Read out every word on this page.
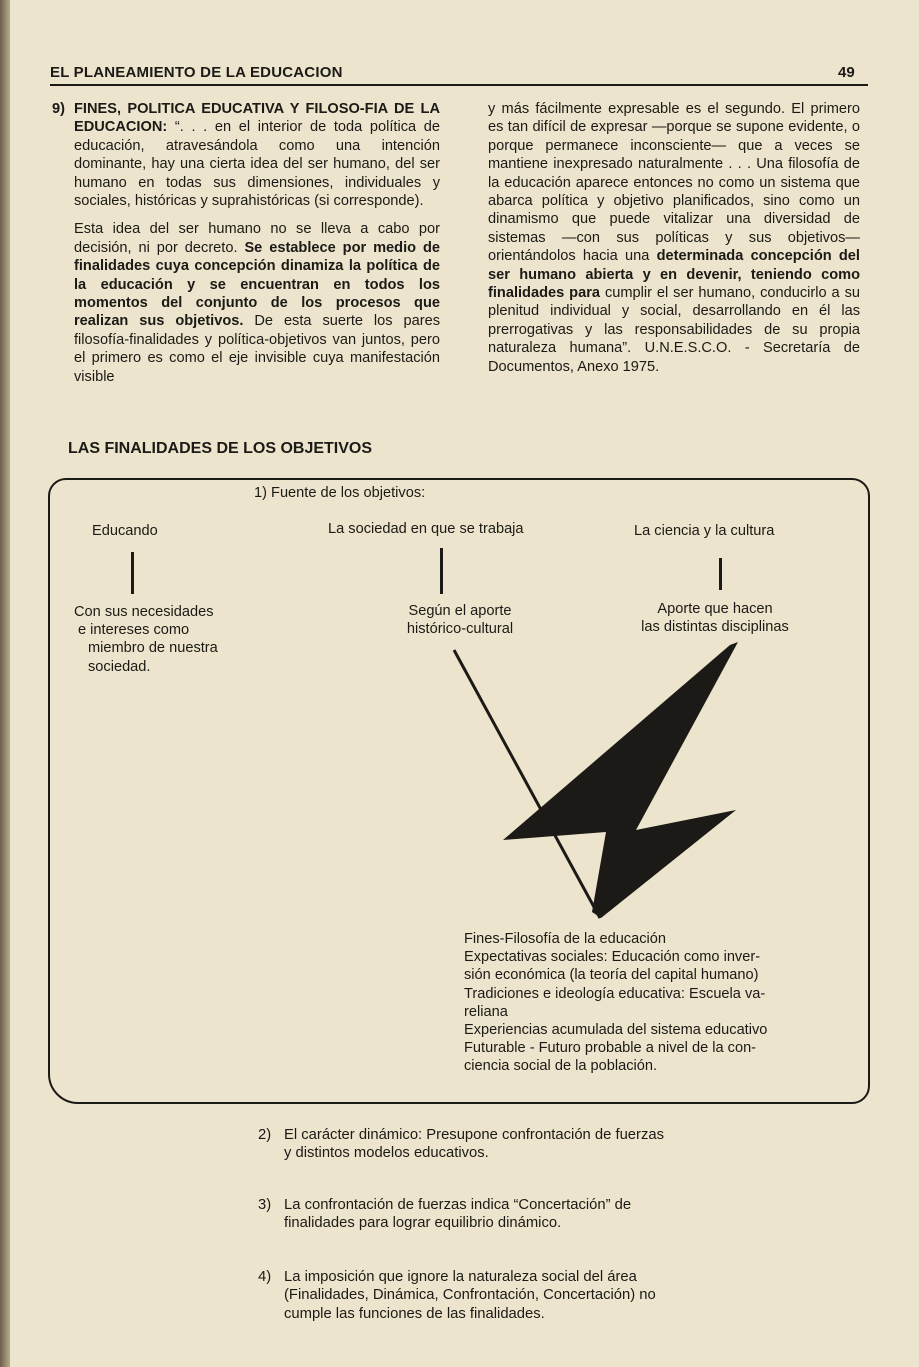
EL PLANEAMIENTO DE LA EDUCACION	49

9) FINES, POLITICA EDUCATIVA Y FILOSO-FIA DE LA EDUCACION: “. . . en el interior de toda política de educación, atravesándola como una intención dominante, hay una cierta idea del ser humano, del ser humano en todas sus dimensiones, individuales y sociales, históricas y suprahistóricas (si corresponde).

Esta idea del ser humano no se lleva a cabo por decisión, ni por decreto. Se establece por medio de finalidades cuya concepción dinamiza la política de la educación y se encuentran en todos los momentos del conjunto de los procesos que realizan sus objetivos. De esta suerte los pares filosofía-finalidades y política-objetivos van juntos, pero el primero es como el eje invisible cuya manifestación visible

y más fácilmente expresable es el segundo. El primero es tan difícil de expresar —porque se supone evidente, o porque permanece inconsciente— que a veces se mantiene inexpresado naturalmente . . . Una filosofía de la educación aparece entonces no como un sistema que abarca política y objetivo planificados, sino como un dinamismo que puede vitalizar una diversidad de sistemas —con sus políticas y sus objetivos— orientándolos hacia una determinada concepción del ser humano abierta y en devenir, teniendo como finalidades para cumplir el ser humano, conducirlo a su plenitud individual y social, desarrollando en él las prerrogativas y las responsabilidades de su propia naturaleza humana”. U.N.E.S.C.O. - Secretaría de Documentos, Anexo 1975.

LAS FINALIDADES DE LOS OBJETIVOS
1) Fuente de los objetivos:
Educando	La sociedad en que se trabaja	La ciencia y la cultura
Con sus necesidades
e intereses como
miembro de nuestra
sociedad.
Según el aporte
histórico-cultural
Aporte que hacen
las distintas disciplinas
Fines-Filosofía de la educación
Expectativas sociales: Educación como inver-
sión económica (la teoría del capital humano)
Tradiciones e ideología educativa: Escuela va-
reliana
Experiencias acumulada del sistema educativo
Futurable - Futuro probable a nivel de la con-
ciencia social de la población.
2) El carácter dinámico: Presupone confrontación de fuerzas y distintos modelos educativos.
3) La confrontación de fuerzas indica “Concertación” de finalidades para lograr equilibrio dinámico.
4) La imposición que ignore la naturaleza social del área (Finalidades, Dinámica, Confrontación, Concertación) no cumple las funciones de las finalidades.
